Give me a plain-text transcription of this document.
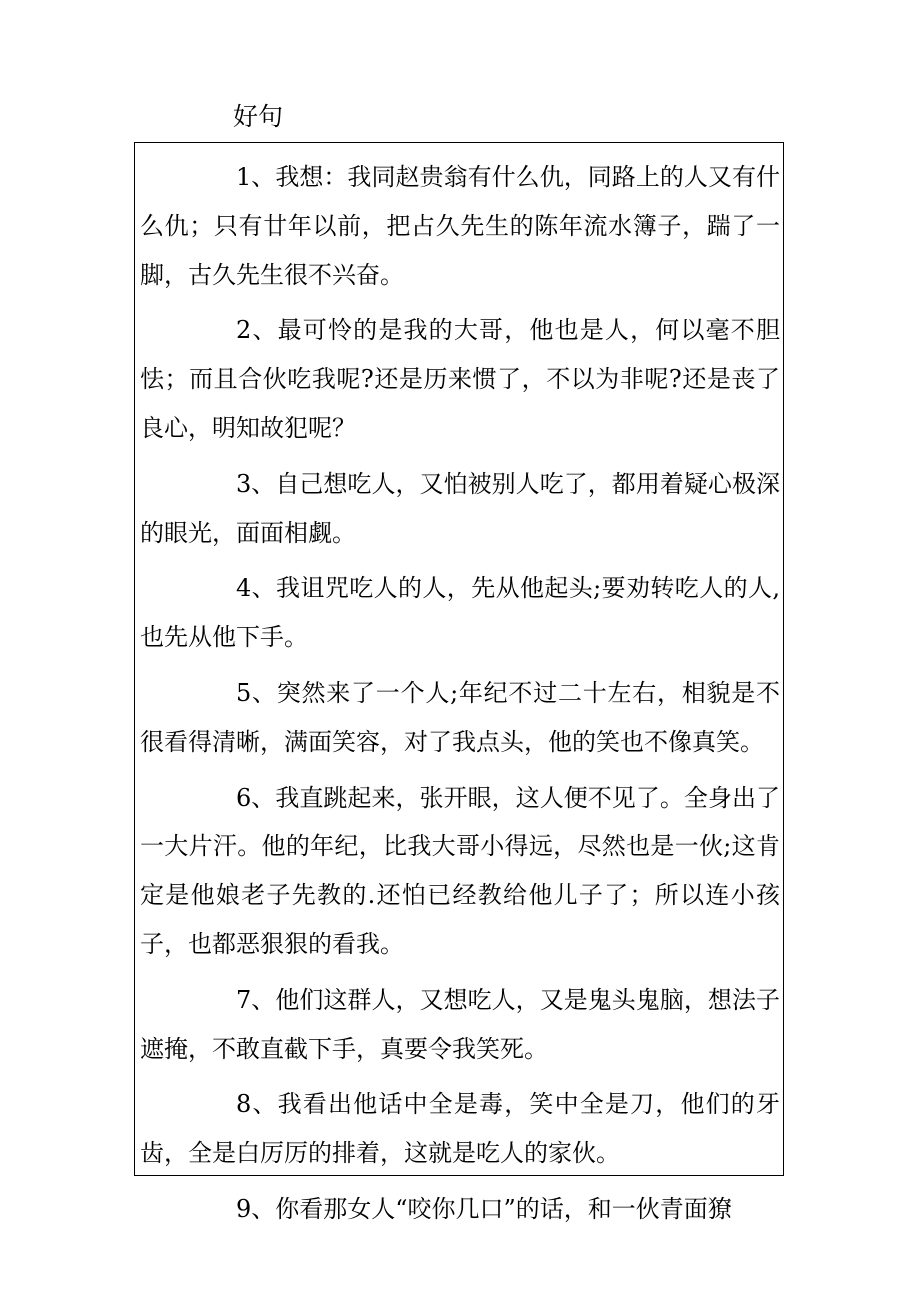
好句

1、我想：我同赵贵翁有什么仇，同路上的人又有什么仇；只有廿年以前，把占久先生的陈年流水簿子，踹了一脚，古久先生很不兴奋。

2、最可怜的是我的大哥，他也是人，何以毫不胆怯；而且合伙吃我呢?还是历来惯了，不以为非呢?还是丧了良心，明知故犯呢？

3、自己想吃人，又怕被别人吃了，都用着疑心极深的眼光，面面相觑。

4、我诅咒吃人的人，先从他起头;要劝转吃人的人,也先从他下手。

5、突然来了一个人;年纪不过二十左右，相貌是不很看得清晰，满面笑容，对了我点头，他的笑也不像真笑。

6、我直跳起来，张开眼，这人便不见了。全身出了一大片汗。他的年纪，比我大哥小得远，尽然也是一伙;这肯定是他娘老子先教的.还怕已经教给他儿子了；所以连小孩子，也都恶狠狠的看我。

7、他们这群人，又想吃人，又是鬼头鬼脑，想法子遮掩，不敢直截下手，真要令我笑死。

8、我看出他话中全是毒，笑中全是刀，他们的牙齿，全是白厉厉的排着，这就是吃人的家伙。

9、你看那女人“咬你几口”的话，和一伙青面獠
